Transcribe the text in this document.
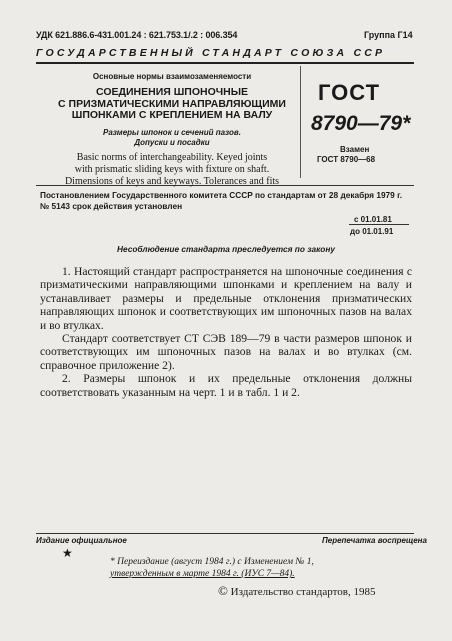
УДК 621.886.6-431.001.24 : 621.753.1/.2 : 006.354	Группа Г14
ГОСУДАРСТВЕННЫЙ СТАНДАРТ СОЮЗА ССР
Основные нормы взаимозаменяемости
СОЕДИНЕНИЯ ШПОНОЧНЫЕ
С ПРИЗМАТИЧЕСКИМИ НАПРАВЛЯЮЩИМИ
ШПОНКАМИ С КРЕПЛЕНИЕМ НА ВАЛУ
Размеры шпонок и сечений пазов.
Допуски и посадки
Basic norms of interchangeability. Keyed joints
with prismatic sliding keys with fixture on shaft.
Dimensions of keys and keyways. Tolerances and fits
ГОСТ
8790—79*
Взамен
ГОСТ 8790—68
Постановлением Государственного комитета СССР по стандартам от 28 декабря 1979 г. № 5143 срок действия установлен
с 01.01.81
до 01.01.91
Несоблюдение стандарта преследуется по закону

1. Настоящий стандарт распространяется на шпоночные соединения с призматическими направляющими шпонками и креплением на валу и устанавливает размеры и предельные отклонения призматических направляющих шпонок и соответствующих им шпоночных пазов на валах и во втулках.

Стандарт соответствует СТ СЭВ 189—79 в части размеров шпонок и соответствующих им шпоночных пазов на валах и во втулках (см. справочное приложение 2).

2. Размеры шпонок и их предельные отклонения должны соответствовать указанным на черт. 1 и в табл. 1 и 2.

Издание официальное	Перепечатка воспрещена
★
* Переиздание (август 1984 г.) с Изменением № 1,
утвержденным в марте 1984 г. (ИУС 7—84).
© Издательство стандартов, 1985
